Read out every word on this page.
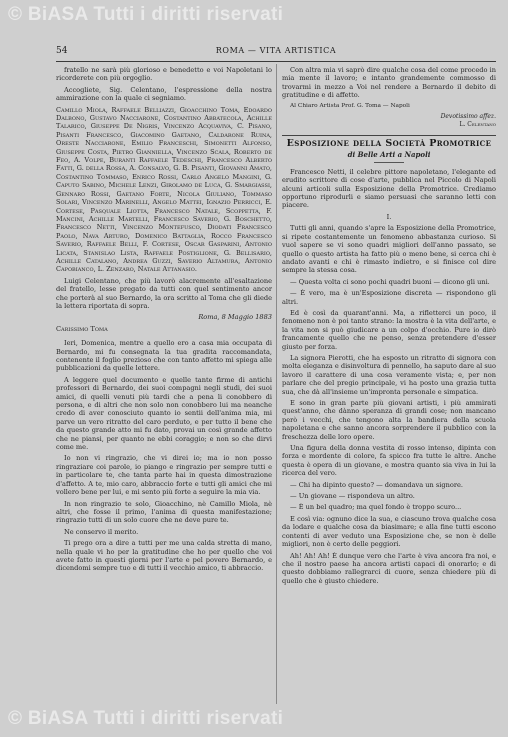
54	ROMA — VITA ARTISTICA

fratello ne sarà più glorioso e benedetto e voi Napoletani lo ricorderete con più orgoglio.

Accogliete, Sig. Celentano, l'espressione della nostra ammirazione con la quale ci segniamo.

Camillo Miola, Raffaele Belliazzi, Gioacchino Toma, Edoardo Dalbono, Gustavo Nacciarone, Costantino Abbatecola, Achille Talarico, Giuseppe De Nigris, Vincenzo Acquaviva, C. Pisano, Pisanti Francesco, Giacomino Gaetano, Caldarone Ruina, Oreste Nacciarone, Emilio Franceschi, Simonetti Alfonso, Giuseppe Costa, Pietro Gianniella, Vincenzo Scala, Roberto de Feo, A. Volpe, Buranti Raffaele Tedeschi, Francesco Alberto Fatti, G. della Rossa, A. Consalvo, G. B. Pisanti, Giovanni Amato, Costantino Tommaso, Enrico Rossi, Carlo Angelo Mangini, G. Caputo Sabino, Michele Lenzi, Girolamo de Luca, G. Smargiassi, Gennaro Rossi, Gaetano Forte, Nicola Giuliano, Tommaso Solari, Vincenzo Marinelli, Angelo Mattei, Ignazio Perricci, E. Cortese, Pasquale Liotta, Francesco Natale, Scoppetta, F. Mancini, Achille Martelli, Francesco Saverio, G. Boschetto, Francesco Netti, Vincenzo Montefusco, Diodati Francesco Paolo, Nava Arturo, Domenico Battaglia, Rocco Francesco Saverio, Raffaele Belli, F. Cortese, Oscar Gasparini, Antonio Licata, Stanislao Lista, Raffaele Postiglione, G. Bellisario, Achille Catalano, Andrea Guzzi, Saverio Altamura, Antonio Capobianco, L. Zenzaro, Natale Attanasio.

Luigi Celentano, che più lavorò alacremente all'esaltazione del fratello, lesse pregato da tutti con quel sentimento ancor che porterà al suo Bernardo, la ora scritto al Toma che gli diede la lettera riportata di sopra.

Roma, 8 Maggio 1883
Carissimo Toma

Ieri, Domenica, mentre a quello ero a casa mia occupata di Bernardo, mi fu consegnata la tua gradita raccomandata, contenente il foglio prezioso che con tanto affetto mi spiega alle pubblicazioni da quelle lettere.

A leggere quel documento e quelle tante firme di antichi professori di Bernardo, dei suoi compagni negli studi, dei suoi amici, di quelli venuti più tardi che a pena li conobbero di persona, e di altri che non solo non conobbero lui ma neanche credo di aver conosciuto quanto io sentii dell'anima mia, mi parve un vero ritratto del caro perduto, e per tutto il bene che da questo grande atto mi fu dato, provai un così grande affetto che ne piansi, per quanto ne ebbi coraggio; e non so che dirvi come me.

Io non vi ringrazio, che vi direi io; ma io non posso ringraziare coi parole, io piango e ringrazio per sempre tutti e in particolare te, che tanta parte hai in questa dimostrazione d'affetto. A te, mio caro, abbraccio forte e tutti gli amici che mi vollero bene per lui, e mi sento più forte a seguire la mia via.

In non ringrazio te solo, Gioacchino, nè Camillo Miola, nè altri, che fosse il primo, l'anima di questa manifestazione; ringrazio tutti di un solo cuore che ne deve pure te.

Ne conservo il merito.

Ti prego ora a dire a tutti per me una calda stretta di mano, nella quale vi ho per la gratitudine che ho per quello che voi avete fatto in questi giorni per l'arte e pel povero Bernardo, e dicendomi sempre tuo e di tutti il vecchio amico, ti abbraccio.

Con altra mia vi saprò dire qualche cosa del come procedo in mia mente il lavoro; e intanto grandemente commosso di trovarmi in mezzo a Voi nel rendere a Bernardo il debito di gratitudine e di affetto.

Al Chiaro Artista Prof. G. Toma — Napoli

Devotissimo affez.
L. Celentano
Esposizione della Società Promotrice
di Belle Arti a Napoli

Francesco Netti, il celebre pittore napoletano, l'elegante ed erudito scrittore di cose d'arte, pubblica nel Piccolo di Napoli alcuni articoli sulla Esposizione della Promotrice. Crediamo opportuno riprodurli e siamo persuasi che saranno letti con piacere.

I.

Tutti gli anni, quando s'apre la Esposizione della Promotrice, si ripete costantemente un fenomeno abbastanza curioso. Si vuol sapere se vi sono quadri migliori dell'anno passato, se quello o questo artista ha fatto più o meno bene, si cerca chi è andato avanti e chi è rimasto indietro, e si finisce col dire sempre la stessa cosa.

— Questa volta ci sono pochi quadri buoni — dicono gli uni.

— È vero, ma è un'Esposizione discreta — rispondono gli altri.

Ed è così da quarant'anni. Ma, a rifletterci un poco, il fenomeno non è poi tanto strano: la mostra è la vita dell'arte, e la vita non si può giudicare a un colpo d'occhio. Pure io dirò francamente quello che ne penso, senza pretendere d'esser giusto per forza.

La signora Pierotti, che ha esposto un ritratto di signora con molta eleganza e disinvoltura di pennello, ha saputo dare al suo lavoro il carattere di una cosa veramente vista; e, per non parlare che del pregio principale, vi ha posto una grazia tutta sua, che dà all'insieme un'impronta personale e simpatica.

E sono in gran parte più giovani artisti, i più ammirati quest'anno, che dànno speranza di grandi cose; non mancano però i vecchi, che tengono alta la bandiera della scuola napoletana e che sanno ancora sorprendere il pubblico con la freschezza delle loro opere.

Una figura della donna vestita di rosso intenso, dipinta con forza e mordente di colore, fa spicco fra tutte le altre. Anche questa è opera di un giovane, e mostra quanto sia viva in lui la ricerca del vero.

— Chi ha dipinto questo? — domandava un signore.

— Un giovane — rispondeva un altro.

— È un bel quadro; ma quel fondo è troppo scuro...

E così via: ognuno dice la sua, e ciascuno trova qualche cosa da lodare e qualche cosa da biasimare; e alla fine tutti escono contenti di aver veduto una Esposizione che, se non è delle migliori, non è certo delle peggiori.

Ah! Ah! Ah! È dunque vero che l'arte è viva ancora fra noi, e che il nostro paese ha ancora artisti capaci di onorarlo; e di questo dobbiamo rallegrarci di cuore, senza chiedere più di quello che è giusto chiedere.

© BiASA Tutti i diritti riservati
© BiASA Tutti i diritti riservati
